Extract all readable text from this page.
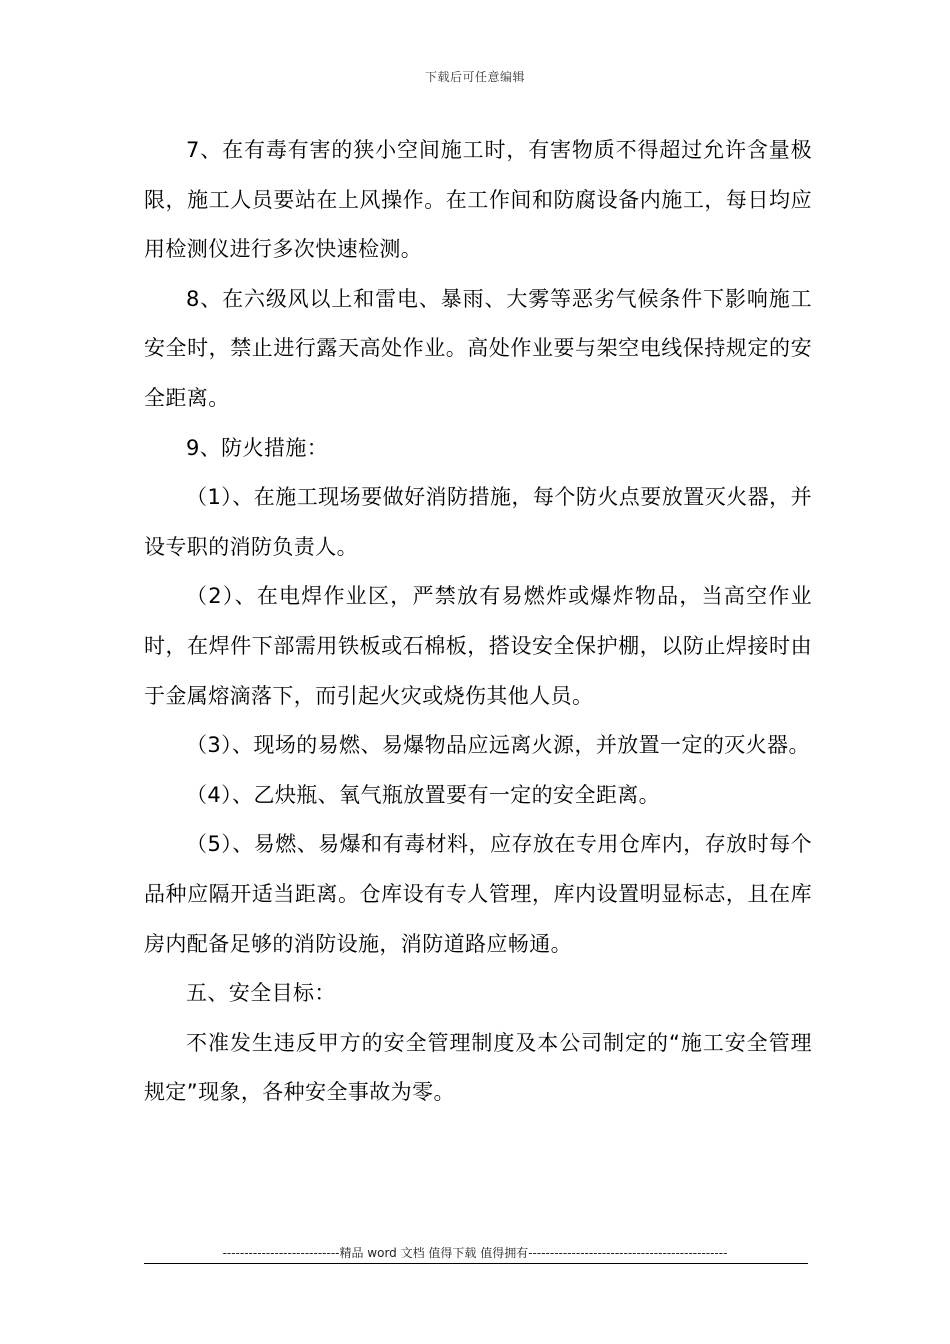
下载后可任意编辑

7、在有毒有害的狭小空间施工时，有害物质不得超过允许含量极限，施工人员要站在上风操作。在工作间和防腐设备内施工，每日均应用检测仪进行多次快速检测。

8、在六级风以上和雷电、暴雨、大雾等恶劣气候条件下影响施工安全时，禁止进行露天高处作业。高处作业要与架空电线保持规定的安全距离。

9、防火措施：

（1）、在施工现场要做好消防措施，每个防火点要放置灭火器，并设专职的消防负责人。

（2）、在电焊作业区，严禁放有易燃炸或爆炸物品，当高空作业时，在焊件下部需用铁板或石棉板，搭设安全保护棚，以防止焊接时由于金属熔滴落下，而引起火灾或烧伤其他人员。

（3）、现场的易燃、易爆物品应远离火源，并放置一定的灭火器。

（4）、乙炔瓶、氧气瓶放置要有一定的安全距离。

（5）、易燃、易爆和有毒材料，应存放在专用仓库内，存放时每个品种应隔开适当距离。仓库设有专人管理，库内设置明显标志，且在库房内配备足够的消防设施，消防道路应畅通。

五、安全目标：

不准发生违反甲方的安全管理制度及本公司制定的“施工安全管理规定”现象，各种安全事故为零。

---------------------------精品 word 文档 值得下载 值得拥有----------------------------------------------
